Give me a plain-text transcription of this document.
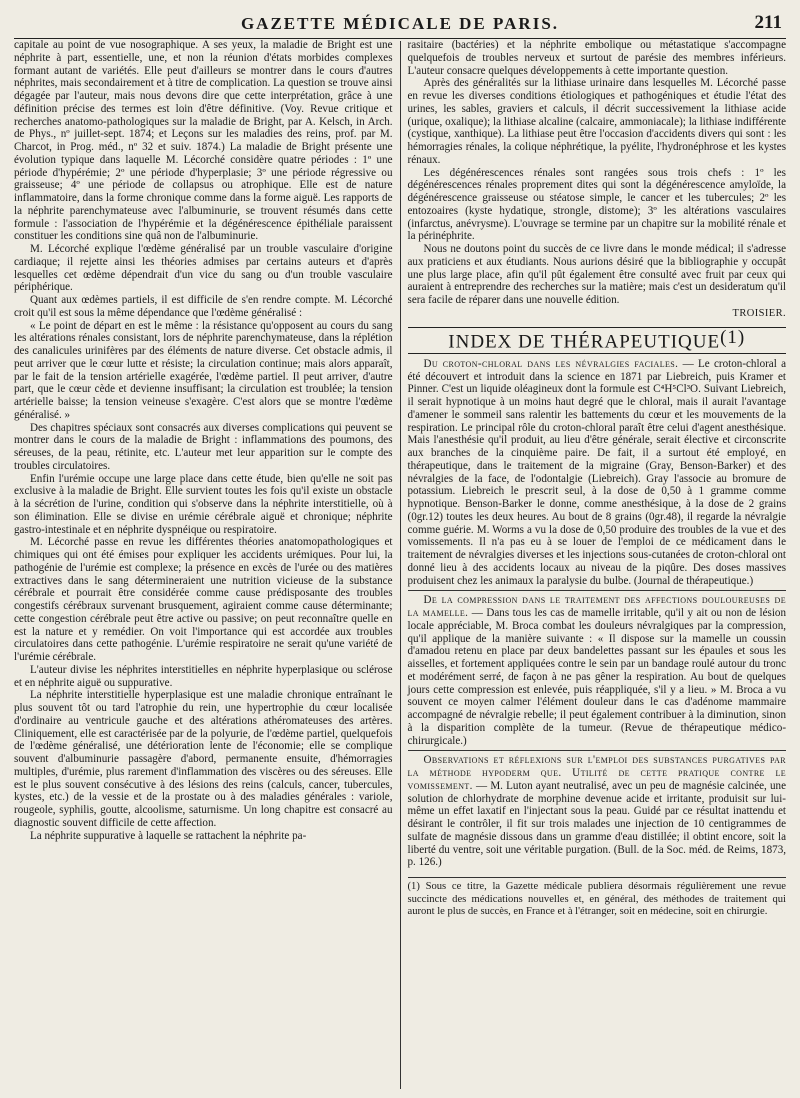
GAZETTE MÉDICALE DE PARIS.	211

capitale au point de vue nosographique. A ses yeux, la maladie de Bright est une néphrite à part, essentielle, une, et non la réunion d'états morbides complexes formant autant de variétés. Elle peut d'ailleurs se montrer dans le cours d'autres néphrites, mais secondairement et à titre de complication. La question se trouve ainsi dégagée par l'auteur, mais nous devons dire que cette interprétation, grâce à une définition précise des termes est loin d'être définitive. (Voy. Revue critique et recherches anatomo-pathologiques sur la maladie de Bright, par A. Kelsch, in Arch. de Phys., nº juillet-sept. 1874; et Leçons sur les maladies des reins, prof. par M. Charcot, in Prog. méd., nº 32 et suiv. 1874.) La maladie de Bright présente une évolution typique dans laquelle M. Lécorché considère quatre périodes : 1º une période d'hypérémie; 2º une période d'hyperplasie; 3º une période régressive ou graisseuse; 4º une période de collapsus ou atrophique. Elle est de nature inflammatoire, dans la forme chronique comme dans la forme aiguë. Les rapports de la néphrite parenchymateuse avec l'albuminurie, se trouvent résumés dans cette formule : l'association de l'hypérémie et la dégénérescence épithéliale paraissent constituer les conditions sine quâ non de l'albuminurie.

M. Lécorché explique l'œdème généralisé par un trouble vasculaire d'origine cardiaque; il rejette ainsi les théories admises par certains auteurs et d'après lesquelles cet œdème dépendrait d'un vice du sang ou d'un trouble vasculaire périphérique.

Quant aux œdèmes partiels, il est difficile de s'en rendre compte. M. Lécorché croit qu'il est sous la même dépendance que l'œdème généralisé :

« Le point de départ en est le même : la résistance qu'opposent au cours du sang les altérations rénales consistant, lors de néphrite parenchymateuse, dans la réplétion des canalicules urinifères par des éléments de nature diverse. Cet obstacle admis, il peut arriver que le cœur lutte et résiste; la circulation continue; mais alors apparaît, par le fait de la tension artérielle exagérée, l'œdème partiel. Il peut arriver, d'autre part, que le cœur cède et devienne insuffisant; la circulation est troublée; la tension artérielle baisse; la tension veineuse s'exagère. C'est alors que se montre l'œdème généralisé. »

Des chapitres spéciaux sont consacrés aux diverses complications qui peuvent se montrer dans le cours de la maladie de Bright : inflammations des poumons, des séreuses, de la peau, rétinite, etc. L'auteur met leur apparition sur le compte des troubles circulatoires.

Enfin l'urémie occupe une large place dans cette étude, bien qu'elle ne soit pas exclusive à la maladie de Bright. Elle survient toutes les fois qu'il existe un obstacle à la sécrétion de l'urine, condition qui s'observe dans la néphrite interstitielle, où à son élimination. Elle se divise en urémie cérébrale aiguë et chronique; néphrite gastro-intestinale et en néphrite dyspnéique ou respiratoire.

M. Lécorché passe en revue les différentes théories anatomopathologiques et chimiques qui ont été émises pour expliquer les accidents urémiques. Pour lui, la pathogénie de l'urémie est complexe; la présence en excès de l'urée ou des matières extractives dans le sang détermineraient une nutrition vicieuse de la substance cérébrale et pourrait être considérée comme cause prédisposante des troubles congestifs cérébraux survenant brusquement, agiraient comme cause déterminante; cette congestion cérébrale peut être active ou passive; on peut reconnaître quelle en est la nature et y remédier. On voit l'importance qui est accordée aux troubles circulatoires dans cette pathogénie. L'urémie respiratoire ne serait qu'une variété de l'urémie cérébrale.

L'auteur divise les néphrites interstitielles en néphrite hyperplasique ou sclérose et en néphrite aiguë ou suppurative.

La néphrite interstitielle hyperplasique est une maladie chronique entraînant le plus souvent tôt ou tard l'atrophie du rein, une hypertrophie du cœur localisée d'ordinaire au ventricule gauche et des altérations athéromateuses des artères. Cliniquement, elle est caractérisée par de la polyurie, de l'œdème partiel, quelquefois de l'œdème généralisé, une détérioration lente de l'économie; elle se complique souvent d'albuminurie passagère d'abord, permanente ensuite, d'hémorragies multiples, d'urémie, plus rarement d'inflammation des viscères ou des séreuses. Elle est le plus souvent consécutive à des lésions des reins (calculs, cancer, tubercules, kystes, etc.) de la vessie et de la prostate ou à des maladies générales : variole, rougeole, syphilis, goutte, alcoolisme, saturnisme. Un long chapitre est consacré au diagnostic souvent difficile de cette affection.

La néphrite suppurative à laquelle se rattachent la néphrite pa-

rasitaire (bactéries) et la néphrite embolique ou métastatique s'accompagne quelquefois de troubles nerveux et surtout de parésie des membres inférieurs. L'auteur consacre quelques développements à cette importante question.

Après des généralités sur la lithiase urinaire dans lesquelles M. Lécorché passe en revue les diverses conditions étiologiques et pathogéniques et étudie l'état des urines, les sables, graviers et calculs, il décrit successivement la lithiase acide (urique, oxalique); la lithiase alcaline (calcaire, ammoniacale); la lithiase indifférente (cystique, xanthique). La lithiase peut être l'occasion d'accidents divers qui sont : les hémorragies rénales, la colique néphrétique, la pyélite, l'hydronéphrose et les kystes rénaux.

Les dégénérescences rénales sont rangées sous trois chefs : 1º les dégénérescences rénales proprement dites qui sont la dégénérescence amyloïde, la dégénérescence graisseuse ou stéatose simple, le cancer et les tubercules; 2º les entozoaires (kyste hydatique, strongle, distome); 3º les altérations vasculaires (infarctus, anévrysme). L'ouvrage se termine par un chapitre sur la mobilité rénale et la périnéphrite.

Nous ne doutons point du succès de ce livre dans le monde médical; il s'adresse aux praticiens et aux étudiants. Nous aurions désiré que la bibliographie y occupât une plus large place, afin qu'il pût également être consulté avec fruit par ceux qui auraient à entreprendre des recherches sur la matière; mais c'est un desideratum qu'il sera facile de réparer dans une nouvelle édition.

TROISIER.
INDEX DE THÉRAPEUTIQUE$^{(1)}$

Du croton-chloral dans les névralgies faciales. — Le croton-chloral a été découvert et introduit dans la science en 1871 par Liebreich, puis Kramer et Pinner. C'est un liquide oléagineux dont la formule est C⁴H⁵Cl³O. Suivant Liebreich, il serait hypnotique à un moins haut degré que le chloral, mais il aurait l'avantage d'amener le sommeil sans ralentir les battements du cœur et les mouvements de la respiration. Le principal rôle du croton-chloral paraît être celui d'agent anesthésique. Mais l'anesthésie qu'il produit, au lieu d'être générale, serait élective et circonscrite aux branches de la cinquième paire. De fait, il a surtout été employé, en thérapeutique, dans le traitement de la migraine (Gray, Benson-Barker) et des névralgies de la face, de l'odontalgie (Liebreich). Gray l'associe au bromure de potassium. Liebreich le prescrit seul, à la dose de 0,50 à 1 gramme comme hypnotique. Benson-Barker le donne, comme anesthésique, à la dose de 2 grains (0gr.12) toutes les deux heures. Au bout de 8 grains (0gr.48), il regarde la névralgie comme guérie. M. Worms a vu la dose de 0,50 produire des troubles de la vue et des vomissements. Il n'a pas eu à se louer de l'emploi de ce médicament dans le traitement de névralgies diverses et les injections sous-cutanées de croton-chloral ont donné lieu à des accidents locaux au niveau de la piqûre. Des doses massives produisent chez les animaux la paralysie du bulbe. (Journal de thérapeutique.)

De la compression dans le traitement des affections douloureuses de la mamelle. — Dans tous les cas de mamelle irritable, qu'il y ait ou non de lésion locale appréciable, M. Broca combat les douleurs névralgiques par la compression, qu'il applique de la manière suivante : « Il dispose sur la mamelle un coussin d'amadou retenu en place par deux bandelettes passant sur les épaules et sous les aisselles, et fortement appliquées contre le sein par un bandage roulé autour du tronc et modérément serré, de façon à ne pas gêner la respiration. Au bout de quelques jours cette compression est enlevée, puis réappliquée, s'il y a lieu. » M. Broca a vu souvent ce moyen calmer l'élément douleur dans le cas d'adénome mammaire accompagné de névralgie rebelle; il peut également contribuer à la diminution, sinon à la disparition complète de la tumeur. (Revue de thérapeutique médico-chirurgicale.)

Observations et réflexions sur l'emploi des substances purgatives par la méthode hypoderm que. Utilité de cette pratique contre le vomissement. — M. Luton ayant neutralisé, avec un peu de magnésie calcinée, une solution de chlorhydrate de morphine devenue acide et irritante, produisit sur lui-même un effet laxatif en l'injectant sous la peau. Guidé par ce résultat inattendu et désirant le contrôler, il fit sur trois malades une injection de 10 centigrammes de sulfate de magnésie dissous dans un gramme d'eau distillée; il obtint encore, soit la liberté du ventre, soit une véritable purgation. (Bull. de la Soc. méd. de Reims, 1873, p. 126.)

(1) Sous ce titre, la Gazette médicale publiera désormais régulièrement une revue succincte des médications nouvelles et, en général, des méthodes de traitement qui auront le plus de succès, en France et à l'étranger, soit en médecine, soit en chirurgie.
